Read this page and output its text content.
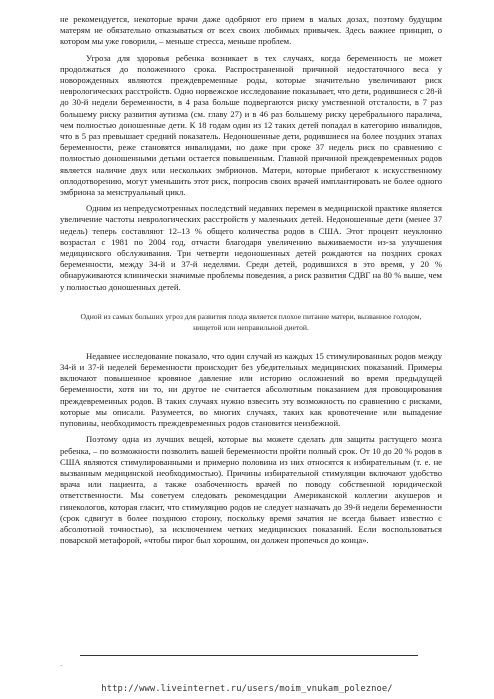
не рекомендуется, некоторые врачи даже одобряют его прием в малых дозах, поэтому будущим матерям не обязательно отказываться от всех своих любимых привычек. Здесь важнее принцип, о котором мы уже говорили, – меньше стресса, меньше проблем.

Угроза для здоровья ребенка возникает в тех случаях, когда беременность не может продолжаться до положенного срока. Распространенной причиной недостаточного веса у новорожденных являются преждевременные роды, которые значительно увеличивают риск неврологических расстройств. Одно норвежское исследование показывает, что дети, родившиеся с 28-й до 30-й недели беременности, в 4 раза больше подвергаются риску умственной отсталости, в 7 раз большему риску развития аутизма (см. главу 27) и в 46 раз большему риску церебрального паралича, чем полностью доношенные дети. К 18 годам один из 12 таких детей попадал в категорию инвалидов, что в 5 раз превышает средний показатель. Недоношенные дети, родившиеся на более поздних этапах беременности, реже становятся инвалидами, но даже при сроке 37 недель риск по сравнению с полностью доношенными детьми остается повышенным. Главной причиной преждевременных родов является наличие двух или нескольких эмбрионов. Матери, которые прибегают к искусственному оплодотворению, могут уменьшить этот риск, попросив своих врачей имплантировать не более одного эмбриона за менструальный цикл.

Одним из непредусмотренных последствий недавних перемен в медицинской практике является увеличение частоты неврологических расстройств у маленьких детей. Недоношенные дети (менее 37 недель) теперь составляют 12–13 % общего количества родов в США. Этот процент неуклонно возрастал с 1981 по 2004 год, отчасти благодаря увеличению выживаемости из-за улучшения медицинского обслуживания. Три четверти недоношенных детей рождаются на поздних сроках беременности, между 34-й и 37-й неделями. Среди детей, родившихся в это время, у 20 % обнаруживаются клинически значимые проблемы поведения, а риск развития СДВГ на 80 % выше, чем у полностью доношенных детей.

Одной из самых больших угроз для развития плода является плохое питание матери, вызванное голодом, нищетой или неправильной диетой.

Недавнее исследование показало, что один случай из каждых 15 стимулированных родов между 34-й и 37-й неделей беременности происходит без убедительных медицинских показаний. Примеры включают повышенное кровяное давление или историю осложнений во время предыдущей беременности, хотя ни то, ни другое не считается абсолютным показанием для провоцирования преждевременных родов. В таких случаях нужно взвесить эту возможность по сравнению с рисками, которые мы описали. Разумеется, во многих случаях, таких как кровотечение или выпадение пуповины, необходимость преждевременных родов становится неизбежной.

Поэтому одна из лучших вещей, которые вы можете сделать для защиты растущего мозга ребенка, – по возможности позволить вашей беременности пройти полный срок. От 10 до 20 % родов в США являются стимулированными и примерно половина из них относятся к избирательным (т. е. не вызванным медицинской необходимостью). Причины избирательной стимуляции включают удобство врача или пациента, а также озабоченность врачей по поводу собственной юридической ответственности. Мы советуем следовать рекомендации Американской коллегии акушеров и гинекологов, которая гласит, что стимуляцию родов не следует назначать до 39-й недели беременности (срок сдвигут в более позднюю сторону, поскольку время зачатия не всегда бывает известно с абсолютной точностью), за исключением четких медицинских показаний. Если воспользоваться поварской метафорой, «чтобы пирог был хорошим, он должен пропечься до конца».

·
http://www.liveinternet.ru/users/moim_vnukam_poleznoe/
